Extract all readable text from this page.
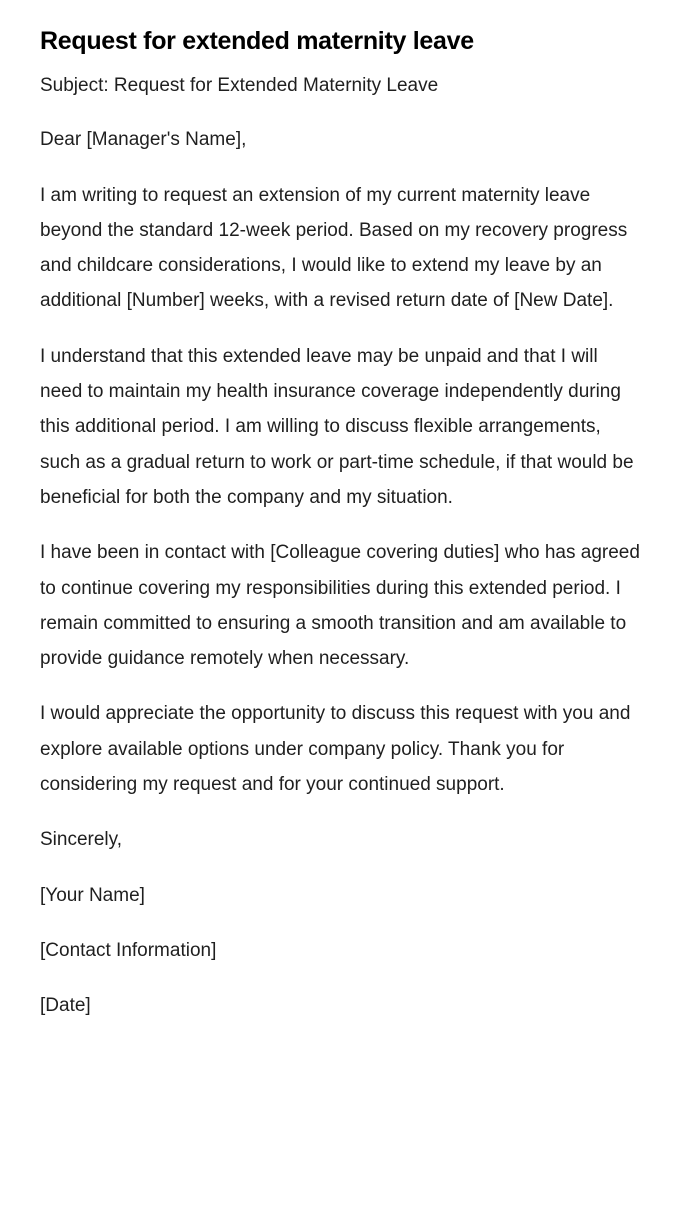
Request for extended maternity leave

Subject: Request for Extended Maternity Leave

Dear [Manager's Name],

I am writing to request an extension of my current maternity leave beyond the standard 12-week period. Based on my recovery progress and childcare considerations, I would like to extend my leave by an additional [Number] weeks, with a revised return date of [New Date].

I understand that this extended leave may be unpaid and that I will need to maintain my health insurance coverage independently during this additional period. I am willing to discuss flexible arrangements, such as a gradual return to work or part-time schedule, if that would be beneficial for both the company and my situation.

I have been in contact with [Colleague covering duties] who has agreed to continue covering my responsibilities during this extended period. I remain committed to ensuring a smooth transition and am available to provide guidance remotely when necessary.

I would appreciate the opportunity to discuss this request with you and explore available options under company policy. Thank you for considering my request and for your continued support.

Sincerely,

[Your Name]

[Contact Information]

[Date]
